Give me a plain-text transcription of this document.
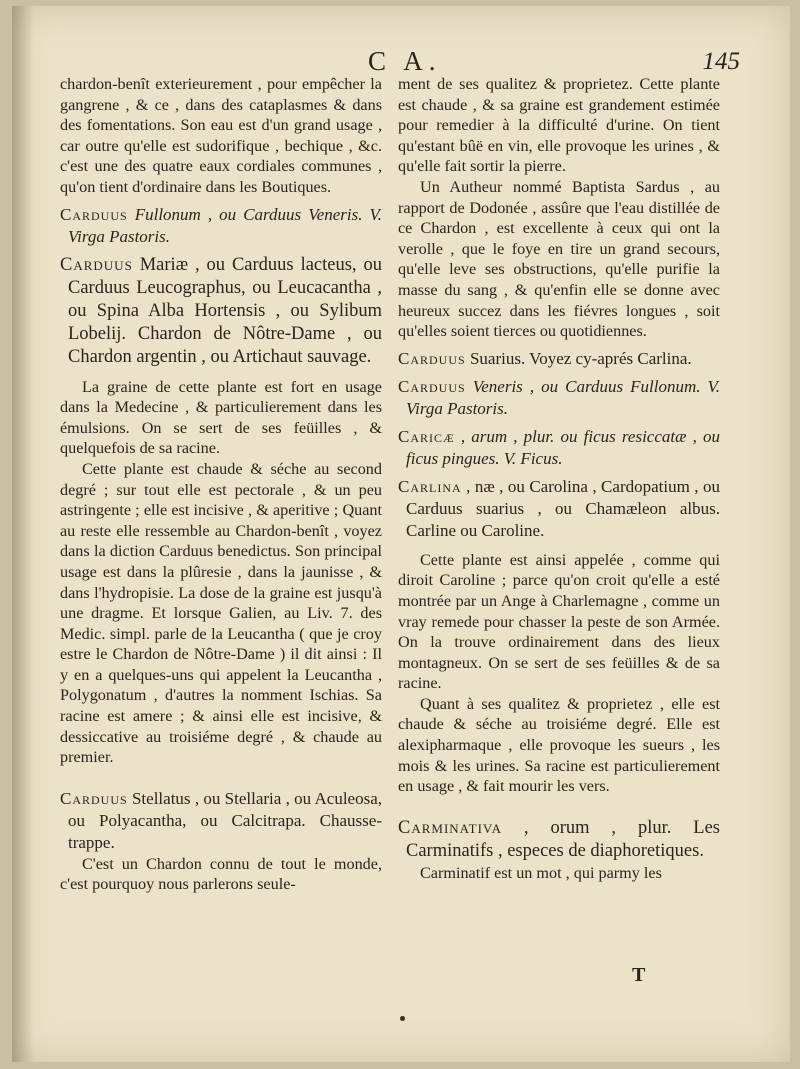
C A.	145

chardon-benît exterieurement , pour empêcher la gangrene , & ce , dans des cataplasmes & dans des fomentations. Son eau est d'un grand usage , car outre qu'elle est sudorifique , bechique , &c. c'est une des quatre eaux cordiales communes , qu'on tient d'ordinaire dans les Boutiques.

Carduus Fullonum , ou Carduus Veneris. V. Virga Pastoris.

Carduus Mariæ , ou Carduus lacteus, ou Carduus Leucographus, ou Leucacantha , ou Spina Alba Hortensis , ou Sylibum Lobelij. Chardon de Nôtre-Dame , ou Chardon argentin , ou Artichaut sauvage.

La graine de cette plante est fort en usage dans la Medecine , & particulierement dans les émulsions. On se sert de ses feüilles , & quelquefois de sa racine.

Cette plante est chaude & séche au second degré ; sur tout elle est pectorale , & un peu astringente ; elle est incisive , & aperitive ; Quant au reste elle ressemble au Chardon-benît , voyez dans la diction Carduus benedictus. Son principal usage est dans la plûresie , dans la jaunisse , & dans l'hydropisie. La dose de la graine est jusqu'à une dragme. Et lorsque Galien, au Liv. 7. des Medic. simpl. parle de la Leucantha ( que je croy estre le Chardon de Nôtre-Dame ) il dit ainsi : Il y en a quelques-uns qui appelent la Leucantha , Polygonatum , d'autres la nomment Ischias. Sa racine est amere ; & ainsi elle est incisive, & dessiccative au troisiéme degré , & chaude au premier.

Carduus Stellatus , ou Stellaria , ou Aculeosa, ou Polyacantha, ou Calcitrapa. Chausse-trappe.

C'est un Chardon connu de tout le monde, c'est pourquoy nous parlerons seule-

ment de ses qualitez & proprietez. Cette plante est chaude , & sa graine est grandement estimée pour remedier à la difficulté d'urine. On tient qu'estant bûë en vin, elle provoque les urines , & qu'elle fait sortir la pierre.

Un Autheur nommé Baptista Sardus , au rapport de Dodonée , assûre que l'eau distillée de ce Chardon , est excellente à ceux qui ont la verolle , que le foye en tire un grand secours, qu'elle leve ses obstructions, qu'elle purifie la masse du sang , & qu'enfin elle se donne avec heureux succez dans les fiévres longues , soit qu'elles soient tierces ou quotidiennes.

Carduus Suarius. Voyez cy-aprés Carlina.

Carduus Veneris , ou Carduus Fullonum. V. Virga Pastoris.

Caricæ , arum , plur. ou ficus resiccatæ , ou ficus pingues. V. Ficus.

Carlina , næ , ou Carolina , Cardopatium , ou Carduus suarius , ou Chamæleon albus. Carline ou Caroline.

Cette plante est ainsi appelée , comme qui diroit Caroline ; parce qu'on croit qu'elle a esté montrée par un Ange à Charlemagne , comme un vray remede pour chasser la peste de son Armée. On la trouve ordinairement dans des lieux montagneux. On se sert de ses feüilles & de sa racine.

Quant à ses qualitez & proprietez , elle est chaude & séche au troisiéme degré. Elle est alexipharmaque , elle provoque les sueurs , les mois & les urines. Sa racine est particulierement en usage , & fait mourir les vers.

Carminativa , orum , plur. Les Carminatifs , especes de diaphoretiques.

Carminatif est un mot , qui parmy les

T
